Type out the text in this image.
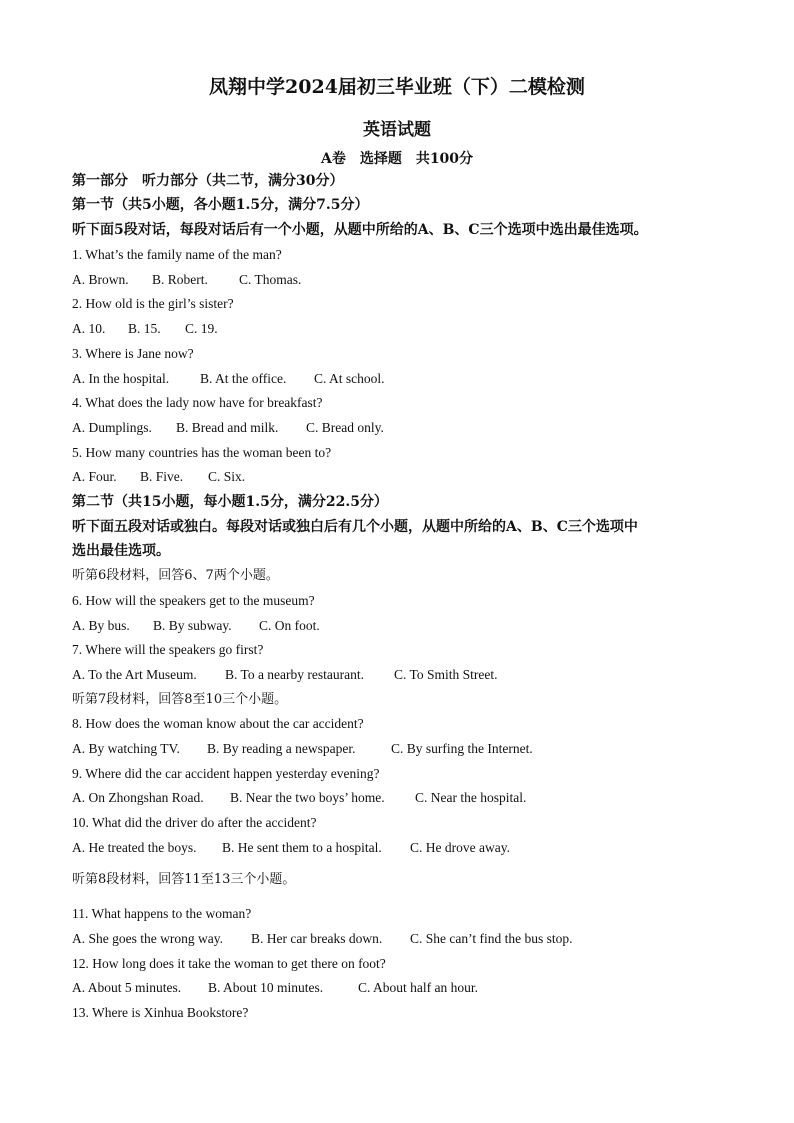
凤翔中学2024届初三毕业班（下）二模检测
英语试题
A卷　选择题　共100分
第一部分　听力部分（共二节，满分30分）
第一节（共5小题，各小题1.5分，满分7.5分）
听下面5段对话，每段对话后有一个小题，从题中所给的A、B、C三个选项中选出最佳选项。
1. What’s the family name of the man?
A. Brown. B. Robert. C. Thomas.
2. How old is the girl’s sister?
A. 10. B. 15. C. 19.
3. Where is Jane now?
A. In the hospital. B. At the office. C. At school.
4. What does the lady now have for breakfast?
A. Dumplings. B. Bread and milk. C. Bread only.
5. How many countries has the woman been to?
A. Four. B. Five. C. Six.
第二节（共15小题，每小题1.5分，满分22.5分）
听下面五段对话或独白。每段对话或独白后有几个小题，从题中所给的A、B、C三个选项中
选出最佳选项。
听第6段材料，回答6、7两个小题。
6. How will the speakers get to the museum?
A. By bus. B. By subway. C. On foot.
7. Where will the speakers go first?
A. To the Art Museum. B. To a nearby restaurant. C. To Smith Street.
听第7段材料，回答8至10三个小题。
8. How does the woman know about the car accident?
A. By watching TV. B. By reading a newspaper.	C. By surfing the Internet.
9. Where did the car accident happen yesterday evening?
A. On Zhongshan Road. B. Near the two boys’ home. C. Near the hospital.
10. What did the driver do after the accident?
A. He treated the boys. B. He sent them to a hospital. C. He drove away.
听第8段材料，回答11至13三个小题。
11. What happens to the woman?
A. She goes the wrong way. B. Her car breaks down. C. She can’t find the bus stop.
12. How long does it take the woman to get there on foot?
A. About 5 minutes. B. About 10 minutes.	C. About half an hour.
13. Where is Xinhua Bookstore?
